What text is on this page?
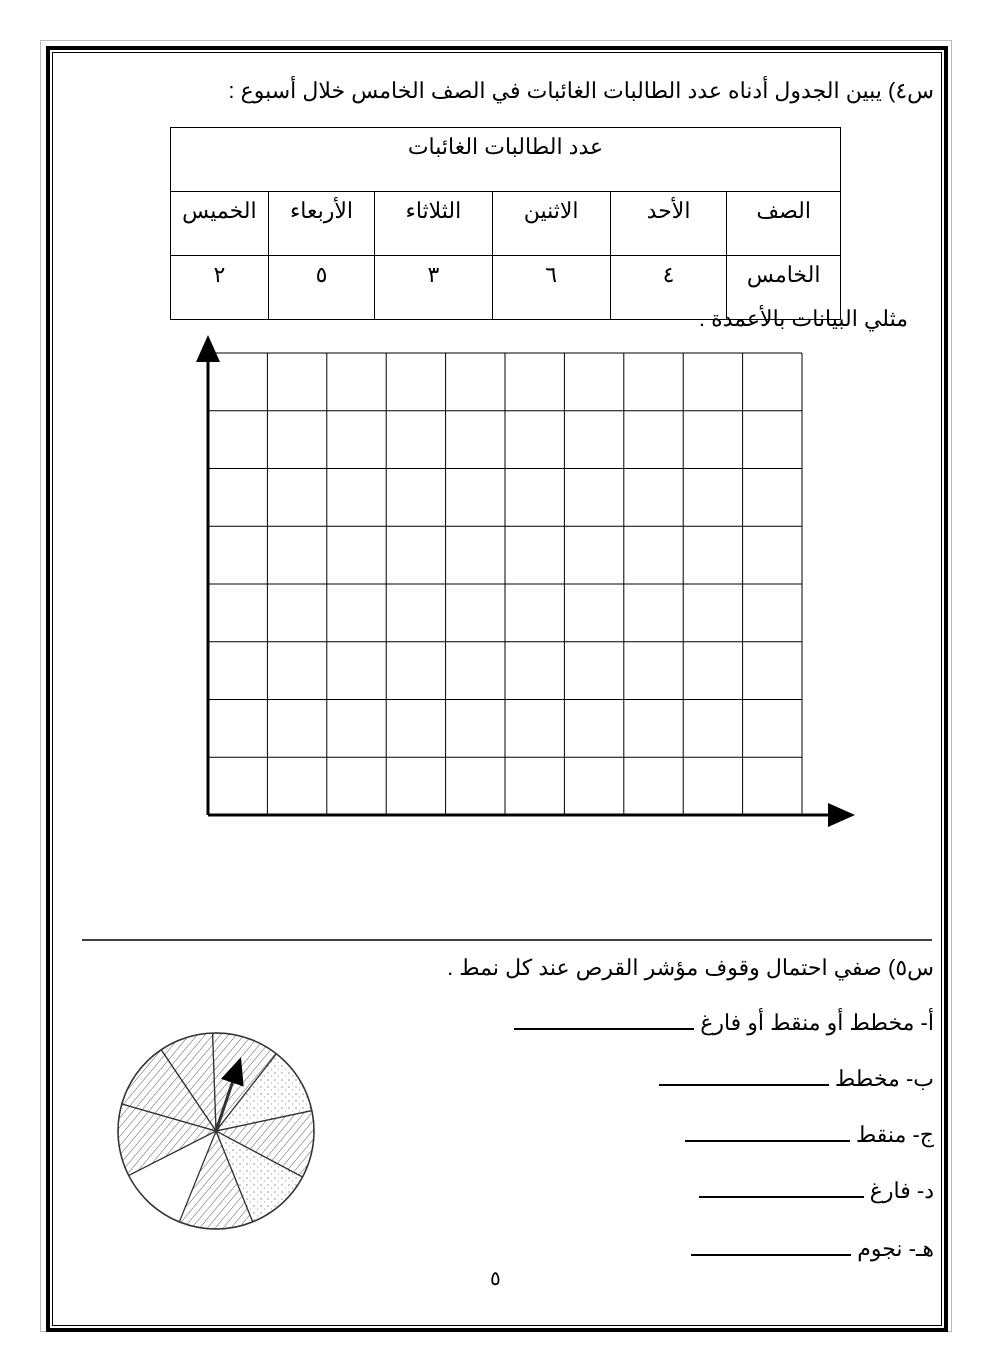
س٤) يبين الجدول أدناه عدد الطالبات الغائبات في الصف الخامس خلال أسبوع :
عدد الطالبات الغائبات					
الصف	الأحد	الاثنين	الثلاثاء	الأربعاء	الخميس
الخامس	٤	٦	٣	٥	٢
مثلي البيانات بالأعمدة .
س٥) صفي احتمال وقوف مؤشر القرص عند كل نمط .
أ- مخطط أو منقط أو فارغ
ب- مخطط
ج- منقط
د- فارغ
هـ- نجوم
٥
